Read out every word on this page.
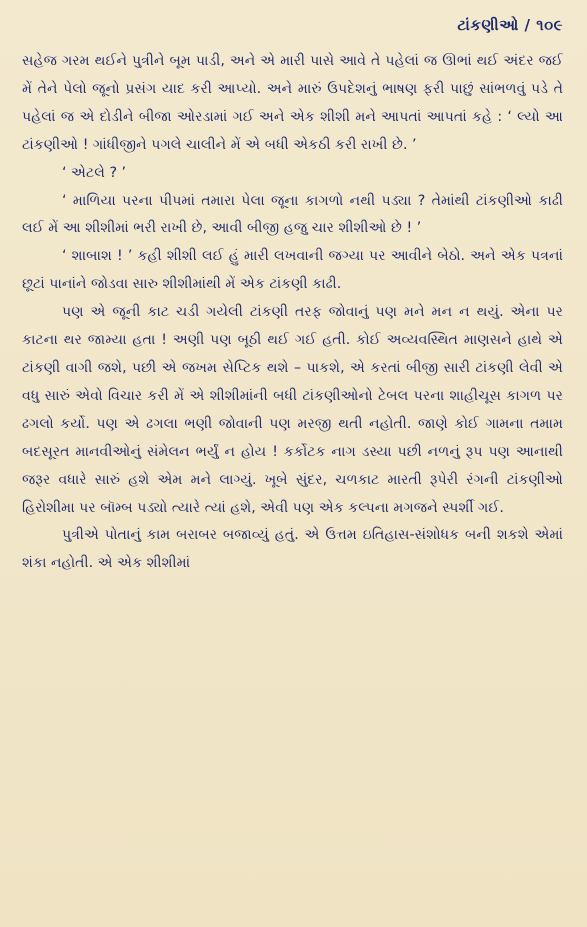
ટાંકણીઓ / ૧૦૯

સહેજ ગરમ થઈને પુત્રીને બૂમ પાડી, અને એ મારી પાસે આવે તે પહેલાં જ ઊભાં થઈ અંદર જઈ મેં તેને પેલો જૂનો પ્રસંગ યાદ કરી આપ્યો. અને મારું ઉપદેશનું ભાષણ ફરી પાછું સાંભળવું પડે તે પહેલાં જ એ દોડીને બીજા ઓરડામાં ગઈ અને એક શીશી મને આપતાં આપતાં કહે : ‘ લ્યો આ ટાંકણીઓ ! ગાંધીજીને પગલે ચાલીને મેં એ બધી એકઠી કરી રાખી છે. ’

‘ એટલે ? ’

‘ માળિયા પરના પીપમાં તમારા પેલા જૂના કાગળો નથી પડ્યા ? તેમાંથી ટાંકણીઓ કાઢી લઈ મેં આ શીશીમાં ભરી રાખી છે, આવી બીજી હજુ ચાર શીશીઓ છે ! ’

‘ શાબાશ ! ’ કહી શીશી લઈ હું મારી લખવાની જગ્યા પર આવીને બેઠો. અને એક પત્રનાં છૂટાં પાનાંને જોડવા સારુ શીશીમાંથી મેં એક ટાંકણી કાઢી.

પણ એ જૂની કાટ ચડી ગયેલી ટાંકણી તરફ જોવાનું પણ મને મન ન થયું. એના પર કાટના થર જામ્યા હતા ! અણી પણ બૂઠી થઈ ગઈ હતી. કોઈ અવ્યવસ્થિત માણસને હાથે એ ટાંકણી વાગી જશે, પછી એ જખમ સેપ્ટિક થશે – પાકશે, એ કરતાં બીજી સારી ટાંકણી લેવી એ વધુ સારું એવો વિચાર કરી મેં એ શીશીમાંની બધી ટાંકણીઓનો ટેબલ પરના શાહીચૂસ કાગળ પર ઢગલો કર્યો. પણ એ ઢગલા ભણી જોવાની પણ મરજી થતી નહોતી. જાણે કોઈ ગામના તમામ બદસૂરત માનવીઓનું સંમેલન ભર્યું ન હોય ! કર્કોટક નાગ ડસ્યા પછી નળનું રૂપ પણ આનાથી જરૂર વધારે સારું હશે એમ મને લાગ્યું. ખૂબે સુંદર, ચળકાટ મારતી રૂપેરી રંગની ટાંકણીઓ હિરોશીમા પર બૉમ્બ પડ્યો ત્યારે ત્યાં હશે, એવી પણ એક કલ્પના મગજને સ્પર્શી ગઈ.

પુત્રીએ પોતાનું કામ બરાબર બજાવ્યું હતું. એ ઉત્તમ ઇતિહાસ-સંશોધક બની શકશે એમાં શંકા નહોતી. એ એક શીશીમાં
